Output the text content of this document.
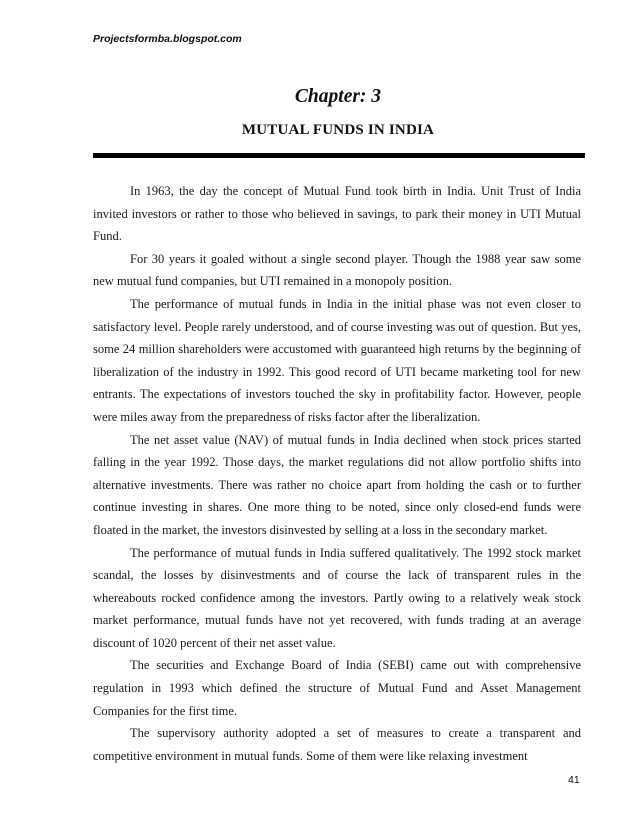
Projectsformba.blogspot.com
Chapter: 3
MUTUAL FUNDS IN INDIA

In 1963, the day the concept of Mutual Fund took birth in India. Unit Trust of India invited investors or rather to those who believed in savings, to park their money in UTI Mutual Fund.

For 30 years it goaled without a single second player. Though the 1988 year saw some new mutual fund companies, but UTI remained in a monopoly position.

The performance of mutual funds in India in the initial phase was not even closer to satisfactory level. People rarely understood, and of course investing was out of question. But yes, some 24 million shareholders were accustomed with guaranteed high returns by the beginning of liberalization of the industry in 1992. This good record of UTI became marketing tool for new entrants. The expectations of investors touched the sky in profitability factor. However, people were miles away from the preparedness of risks factor after the liberalization.

The net asset value (NAV) of mutual funds in India declined when stock prices started falling in the year 1992. Those days, the market regulations did not allow portfolio shifts into alternative investments. There was rather no choice apart from holding the cash or to further continue investing in shares. One more thing to be noted, since only closed-end funds were floated in the market, the investors disinvested by selling at a loss in the secondary market.

The performance of mutual funds in India suffered qualitatively. The 1992 stock market scandal, the losses by disinvestments and of course the lack of transparent rules in the whereabouts rocked confidence among the investors. Partly owing to a relatively weak stock market performance, mutual funds have not yet recovered, with funds trading at an average discount of 1020 percent of their net asset value.

The securities and Exchange Board of India (SEBI) came out with comprehensive regulation in 1993 which defined the structure of Mutual Fund and Asset Management Companies for the first time.

The supervisory authority adopted a set of measures to create a transparent and competitive environment in mutual funds. Some of them were like relaxing investment

41
